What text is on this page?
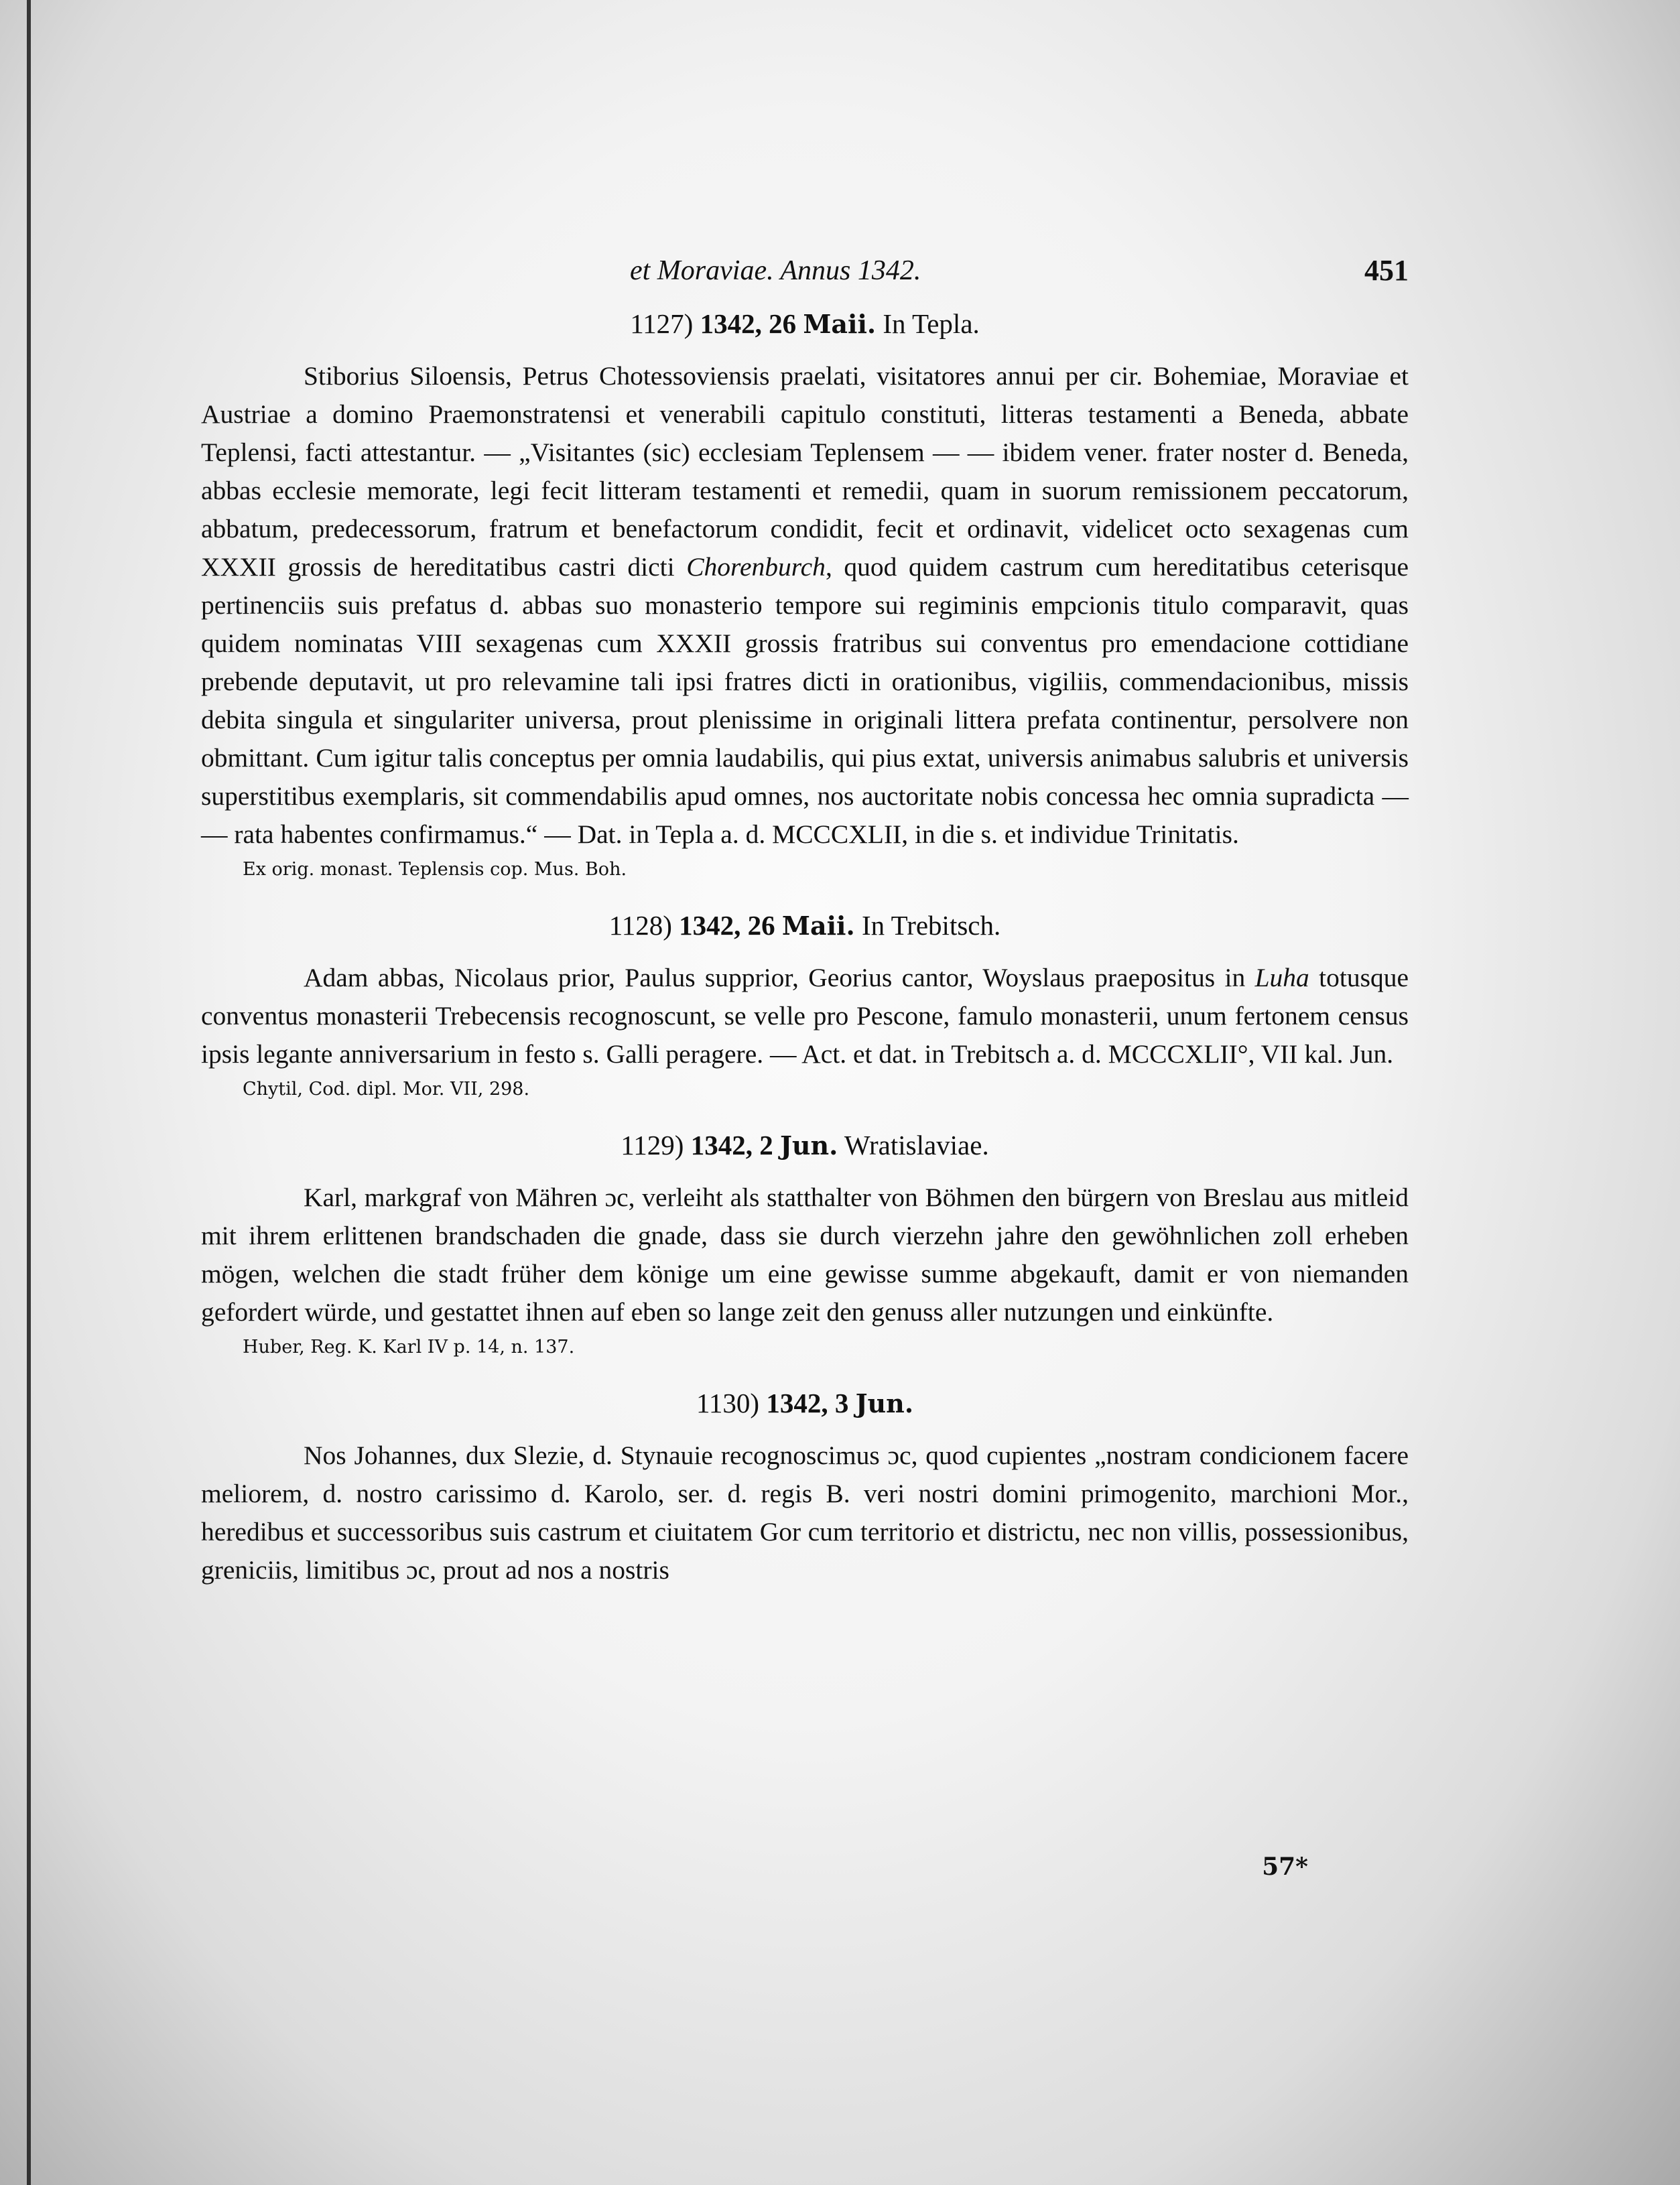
et Moraviae. Annus 1342.	451
1127) 1342, 26 Maii. In Tepla.

Stiborius Siloensis, Petrus Chotessoviensis praelati, visitatores annui per cir. Bohemiae, Moraviae et Austriae a domino Praemonstratensi et venerabili capitulo constituti, litteras testamenti a Beneda, abbate Teplensi, facti attestantur. — „Visitantes (sic) ecclesiam Teplensem — — ibidem vener. frater noster d. Beneda, abbas ecclesie memorate, legi fecit litteram testamenti et remedii, quam in suorum remissionem peccatorum, abbatum, predecessorum, fratrum et benefactorum condidit, fecit et ordinavit, videlicet octo sexagenas cum XXXII grossis de hereditatibus castri dicti Chorenburch, quod quidem castrum cum hereditatibus ceterisque pertinenciis suis prefatus d. abbas suo monasterio tempore sui regiminis empcionis titulo comparavit, quas quidem nominatas VIII sexagenas cum XXXII grossis fratribus sui conventus pro emendacione cottidiane prebende deputavit, ut pro relevamine tali ipsi fratres dicti in orationibus, vigiliis, commendacionibus, missis debita singula et singulariter universa, prout plenissime in originali littera prefata continentur, persolvere non obmittant. Cum igitur talis conceptus per omnia laudabilis, qui pius extat, universis animabus salubris et universis superstitibus exemplaris, sit commendabilis apud omnes, nos auctoritate nobis concessa hec omnia supradicta — — rata habentes confirmamus.“ — Dat. in Tepla a. d. MCCCXLII, in die s. et individue Trinitatis.

Ex orig. monast. Teplensis cop. Mus. Boh.
1128) 1342, 26 Maii. In Trebitsch.

Adam abbas, Nicolaus prior, Paulus supprior, Georius cantor, Woyslaus praepositus in Luha totusque conventus monasterii Trebecensis recognoscunt, se velle pro Pescone, famulo monasterii, unum fertonem census ipsis legante anniversarium in festo s. Galli peragere. — Act. et dat. in Trebitsch a. d. MCCCXLII°, VII kal. Jun.

Chytil, Cod. dipl. Mor. VII, 298.
1129) 1342, 2 Jun. Wratislaviae.

Karl, markgraf von Mähren ɔc, verleiht als statthalter von Böhmen den bürgern von Breslau aus mitleid mit ihrem erlittenen brandschaden die gnade, dass sie durch vierzehn jahre den gewöhnlichen zoll erheben mögen, welchen die stadt früher dem könige um eine gewisse summe abgekauft, damit er von niemanden gefordert würde, und gestattet ihnen auf eben so lange zeit den genuss aller nutzungen und einkünfte.

Huber, Reg. K. Karl IV p. 14, n. 137.
1130) 1342, 3 Jun.

Nos Johannes, dux Slezie, d. Stynauie recognoscimus ɔc, quod cupientes „nostram condicionem facere meliorem, d. nostro carissimo d. Karolo, ser. d. regis B. veri nostri domini primogenito, marchioni Mor., heredibus et successoribus suis castrum et ciuitatem Gor cum territorio et districtu, nec non villis, possessionibus, greniciis, limitibus ɔc, prout ad nos a nostris

57*
